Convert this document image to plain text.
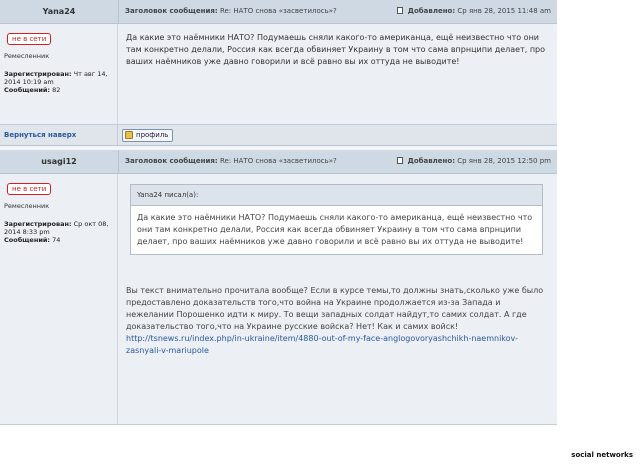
Yana24	Заголовок сообщения:
Re: НАТО снова «засветилось»?	Добавлено: Ср янв 28, 2015 11:48 am
не в сети
Ремесленник
Зарегистрирован: Чт авг 14, 2014 10:19 am
Сообщений: 82
Да какие это наёмники НАТО? Подумаешь сняли какого-то американца, ещё неизвестно что они там конкретно делали, Россия как всегда обвиняет Украину в том что сама впрнципи делает, про ваших наёмников уже давно говорили и всё равно вы их оттуда не выводите!
Вернуться наверх	профиль
usagi12	Заголовок сообщения:
Re: НАТО снова «засветилось»?	Добавлено: Ср янв 28, 2015 12:50 pm
не в сети
Ремесленник
Зарегистрирован: Ср окт 08, 2014 8:33 pm
Сообщений: 74
Yana24 писал(а):
Да какие это наёмники НАТО? Подумаешь сняли какого-то американца, ещё неизвестно что они там конкретно делали, Россия как всегда обвиняет Украину в том что сама впрнципи делает, про ваших наёмников уже давно говорили и всё равно вы их оттуда не выводите!
Вы текст внимательно прочитала вообще? Если в курсе темы,то должны знать,сколько уже было предоставлено доказательств того,что война на Украине продолжается из-за Запада и нежелании Порошенко идти к миру. То вещи западных солдат найдут,то самих солдат. А где доказательство того,что на Украине русские войска? Нет! Как и самих войск!
http://tsnews.ru/index.php/in-ukraine/item/4880-out-of-my-face-anglogovoryashchikh-naemnikov-zasnyali-v-mariupole
social networks
